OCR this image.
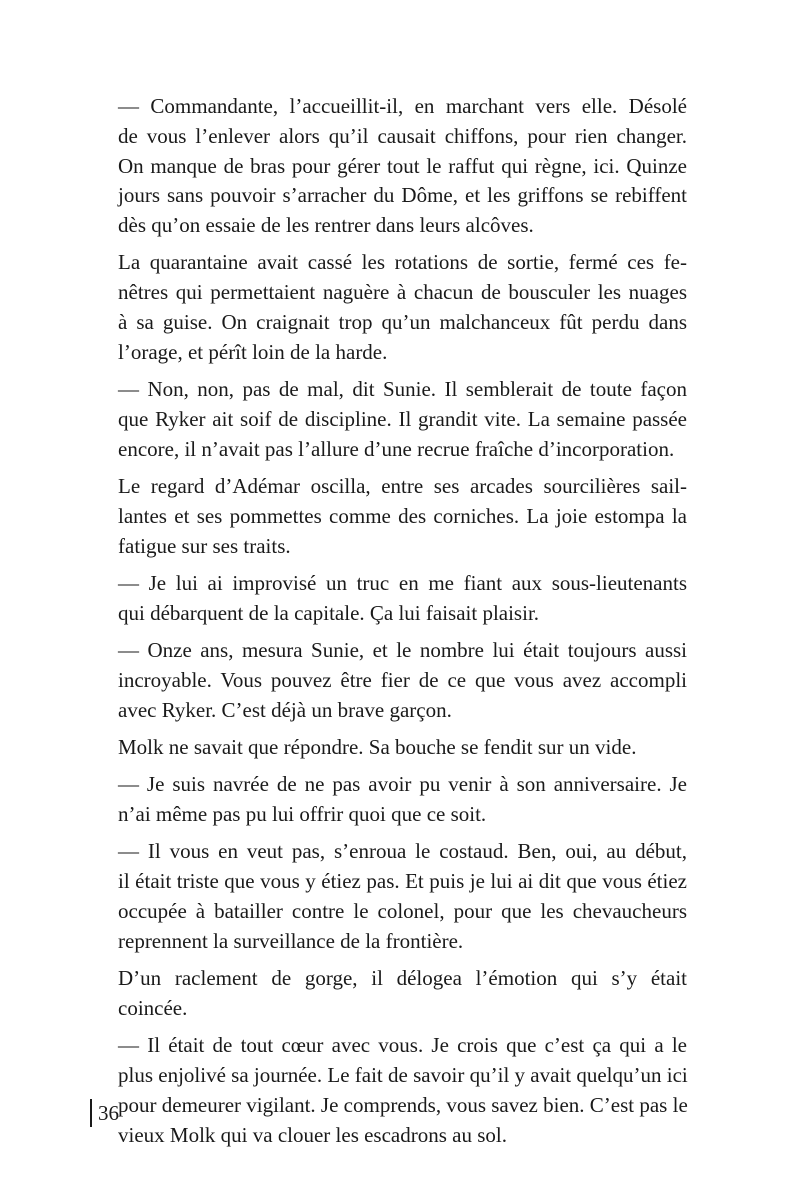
— Commandante, l’accueillit-il, en marchant vers elle. Désolé
de vous l’enlever alors qu’il causait chiffons, pour rien changer.
On manque de bras pour gérer tout le raffut qui règne, ici. Quinze
jours sans pouvoir s’arracher du Dôme, et les griffons se rebiffent
dès qu’on essaie de les rentrer dans leurs alcôves.

La quarantaine avait cassé les rotations de sortie, fermé ces fe-
nêtres qui permettaient naguère à chacun de bousculer les nuages
à sa guise. On craignait trop qu’un malchanceux fût perdu dans
l’orage, et pérît loin de la harde.

— Non, non, pas de mal, dit Sunie. Il semblerait de toute façon
que Ryker ait soif de discipline. Il grandit vite. La semaine passée
encore, il n’avait pas l’allure d’une recrue fraîche d’incorporation.

Le regard d’Adémar oscilla, entre ses arcades sourcilières sail-
lantes et ses pommettes comme des corniches. La joie estompa la
fatigue sur ses traits.

— Je lui ai improvisé un truc en me fiant aux sous-lieutenants
qui débarquent de la capitale. Ça lui faisait plaisir.

— Onze ans, mesura Sunie, et le nombre lui était toujours aussi
incroyable. Vous pouvez être fier de ce que vous avez accompli
avec Ryker. C’est déjà un brave garçon.

Molk ne savait que répondre. Sa bouche se fendit sur un vide.

— Je suis navrée de ne pas avoir pu venir à son anniversaire. Je
n’ai même pas pu lui offrir quoi que ce soit.

— Il vous en veut pas, s’enroua le costaud. Ben, oui, au début,
il était triste que vous y étiez pas. Et puis je lui ai dit que vous étiez
occupée à batailler contre le colonel, pour que les chevaucheurs
reprennent la surveillance de la frontière.

D’un raclement de gorge, il délogea l’émotion qui s’y était
coincée.

— Il était de tout cœur avec vous. Je crois que c’est ça qui a le
plus enjolivé sa journée. Le fait de savoir qu’il y avait quelqu’un ici
pour demeurer vigilant. Je comprends, vous savez bien. C’est pas le
vieux Molk qui va clouer les escadrons au sol.

36
